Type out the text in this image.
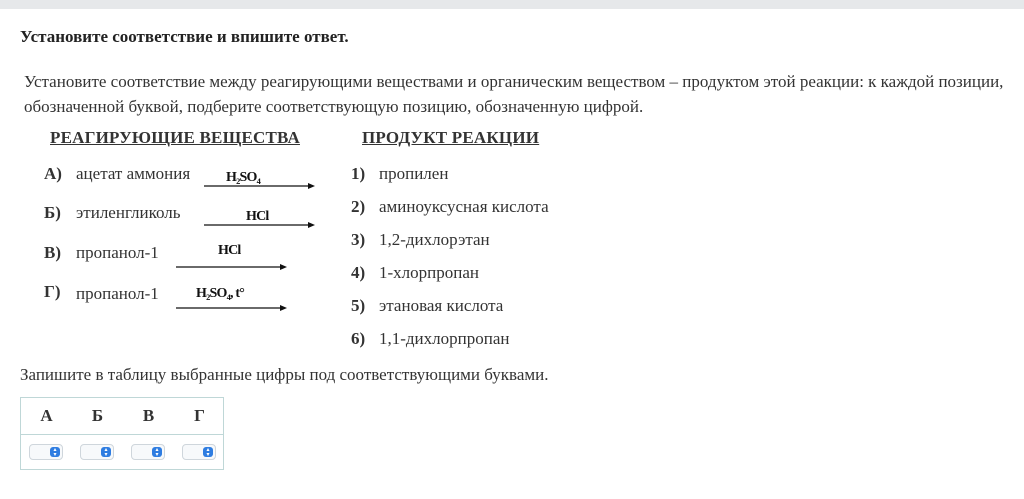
Установите соответствие и впишите ответ.
Установите соответствие между реагирующими веществами и органическим веществом – продуктом этой реакции: к каждой позиции, обозначенной буквой, подберите соответствующую позицию, обозначенную цифрой.
РЕАГИРУЮЩИЕ ВЕЩЕСТВА	ПРОДУКТ РЕАКЦИИ
А) ацетат аммония	H₂SO₄
Б) этиленгликоль	HCl
В) пропанол-1	HCl
Г) пропанол-1	H₂SO₄, t°
1) пропилен
2) аминоуксусная кислота
3) 1,2-дихлорэтан
4) 1-хлорпропан
5) этановая кислота
6) 1,1-дихлорпропан
Запишите в таблицу выбранные цифры под соответствующими буквами.
А	Б	В	Г
▴
▾
▴
▾
▴
▾
▴
▾
